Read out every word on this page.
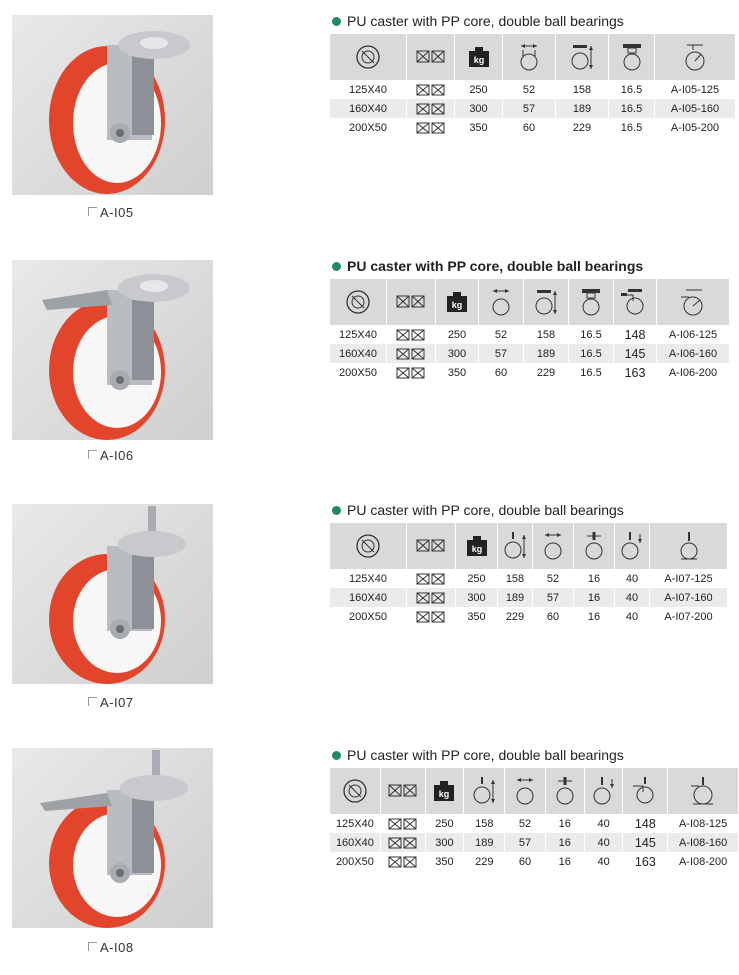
A-I05
PU caster with PP core, double ball bearings

kg

125X40		250	52	158	16.5	A-I05-125
160X40		300	57	189	16.5	A-I05-160
200X50		350	60	229	16.5	A-I05-200
A-I06
PU caster with PP core, double ball bearings

kg

125X40		250	52	158	16.5	148	A-I06-125
160X40		300	57	189	16.5	145	A-I06-160
200X50		350	60	229	16.5	163	A-I06-200
A-I07
PU caster with PP core, double ball bearings

kg

125X40		250	158	52	16	40	A-I07-125
160X40		300	189	57	16	40	A-I07-160
200X50		350	229	60	16	40	A-I07-200
A-I08
PU caster with PP core, double ball bearings

kg

125X40		250	158	52	16	40	148	A-I08-125
160X40		300	189	57	16	40	145	A-I08-160
200X50		350	229	60	16	40	163	A-I08-200
